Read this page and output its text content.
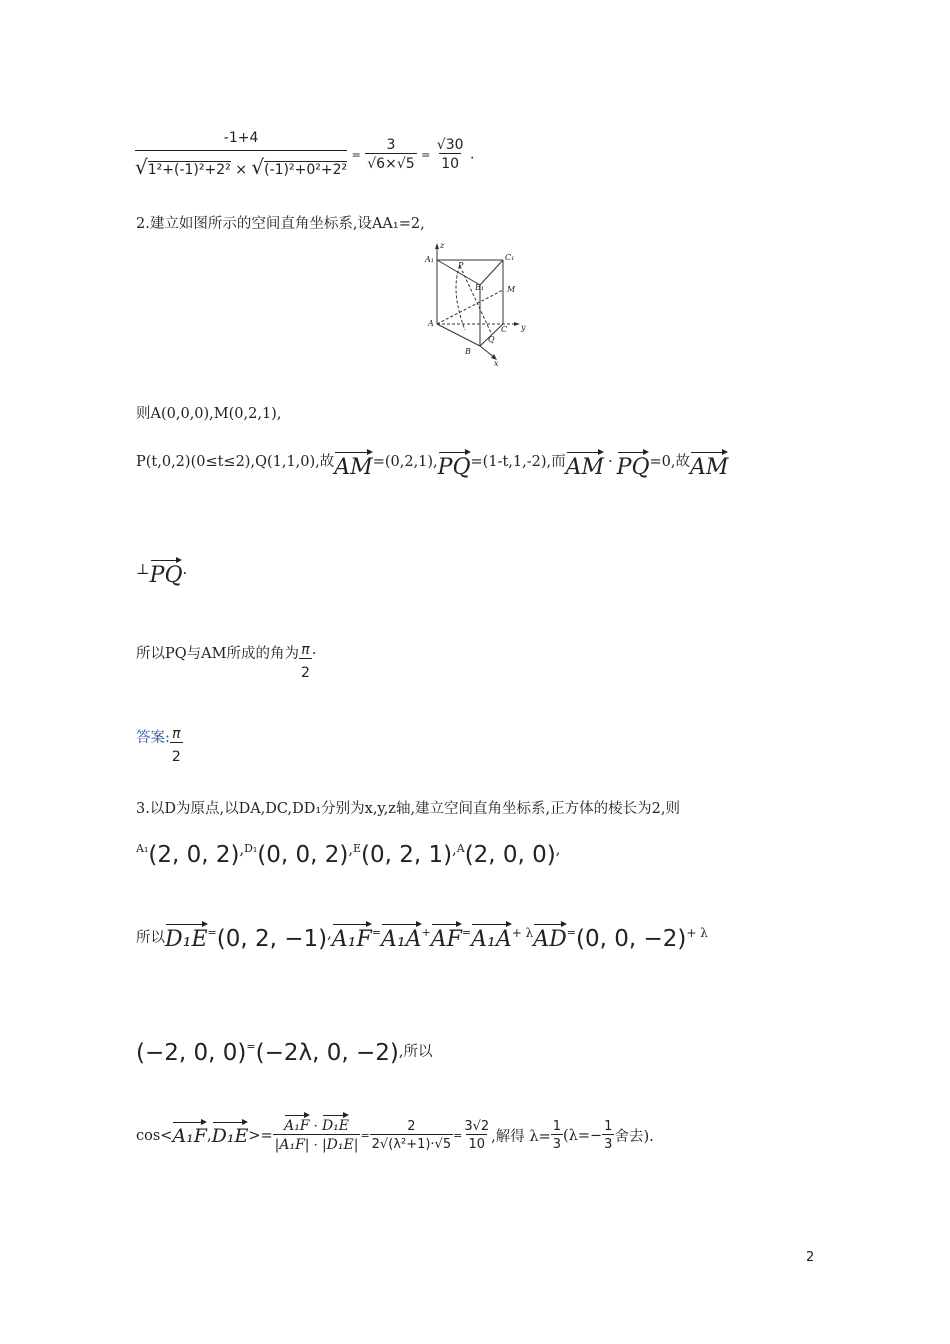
$\frac{-1+4}{\text{√1²+(-1)²+2² × √(-1)²+0²+2²}} = \frac{3}{√6\times√5} = \frac{√30}{10}$ .
2.建立如图所示的空间直角坐标系,设AA₁=2,
z
A₁
P
C₁
B₁	M
A
C y
Q
B
x
则A(0,0,0),M(0,2,1),
P(t,0,2)(0≤t≤2),Q(1,1,0),故AM=(0,2,1),PQ=(1-t,1,-2),而AM · PQ=0,故AM
⊥PQ.
所以PQ与AM所成的角为 $\frac{\pi}{2}$ .
答案: $\frac{\pi}{2}$
3.以D为原点,以DA,DC,DD₁分别为x,y,z轴,建立空间直角坐标系,正方体的棱长为2,则
$^{A_1}$(2, 0, 2),$^{D_1}$(0, 0, 2),$^E$(0, 2, 1),$^A$(2, 0, 0),
所以D₁E=(0, 2, $-1),A_1F^=A_1A^+AF^=A_1A^{+ \lambda}AD^=(0$, 0, −2)$^{+ \lambda}$
(−2, 0, 0)=(−2λ, 0, −2),所以
cos < A₁F , $D_1E >= \frac{\text{A₁F · D₁E}}{\text{|A₁F| · |D₁E|}} = \frac{2}{\text{2√(λ²+1)·√5}} = \frac{3√2}{10}$ ,解得 $\lambda= \frac{1}{3} (\lambda=- \frac{1}{3}$ 舍去).
2
